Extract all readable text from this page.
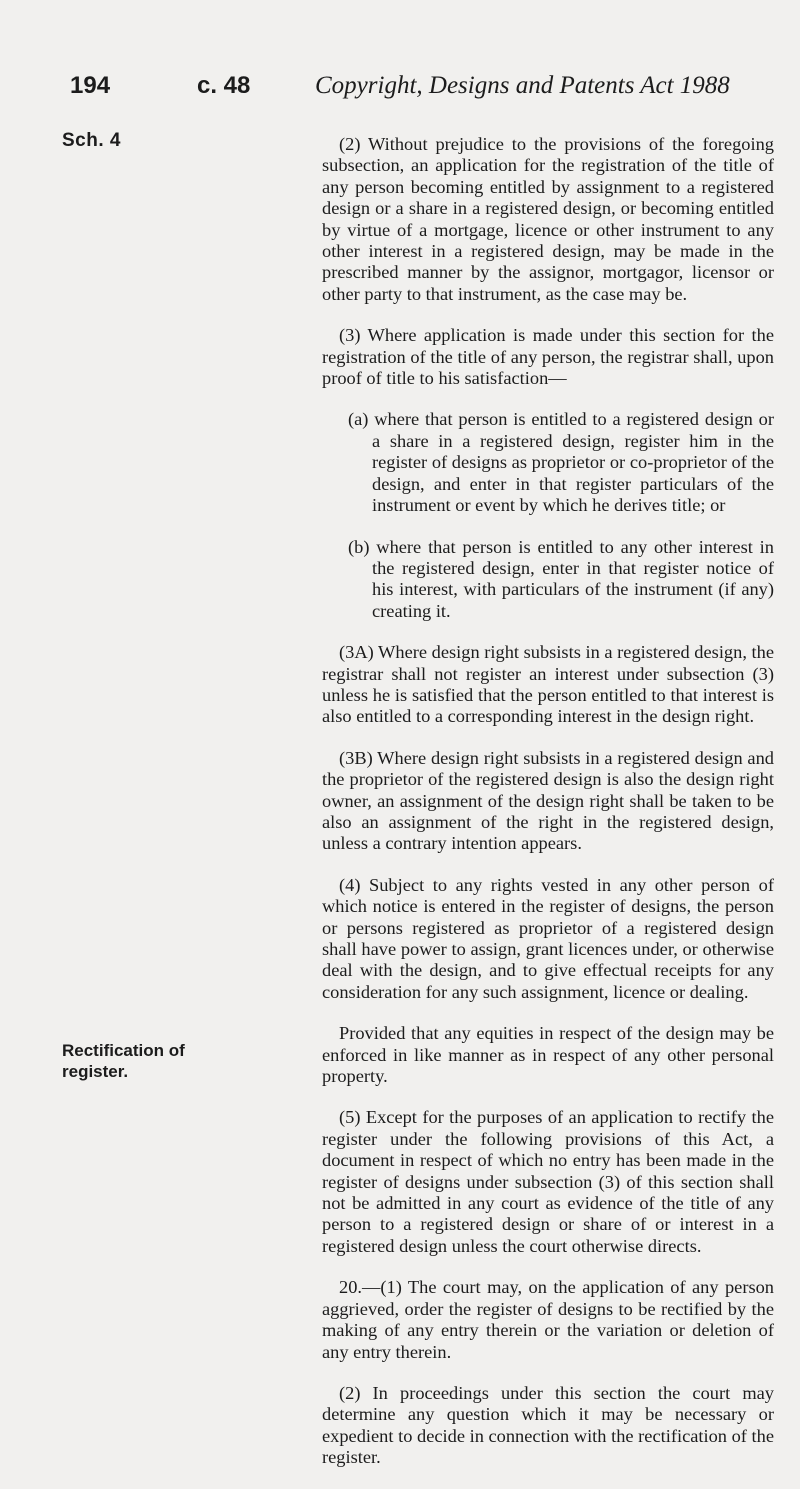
194	c. 48	Copyright, Designs and Patents Act 1988
Sch. 4
Rectification of register.

(2) Without prejudice to the provisions of the foregoing subsection, an application for the registration of the title of any person becoming entitled by assignment to a registered design or a share in a registered design, or becoming entitled by virtue of a mortgage, licence or other instrument to any other interest in a registered design, may be made in the prescribed manner by the assignor, mortgagor, licensor or other party to that instrument, as the case may be.

(3) Where application is made under this section for the registration of the title of any person, the registrar shall, upon proof of title to his satisfaction—

(a) where that person is entitled to a registered design or a share in a registered design, register him in the register of designs as proprietor or co-proprietor of the design, and enter in that register particulars of the instrument or event by which he derives title; or

(b) where that person is entitled to any other interest in the registered design, enter in that register notice of his interest, with particulars of the instrument (if any) creating it.

(3A) Where design right subsists in a registered design, the registrar shall not register an interest under subsection (3) unless he is satisfied that the person entitled to that interest is also entitled to a corresponding interest in the design right.

(3B) Where design right subsists in a registered design and the proprietor of the registered design is also the design right owner, an assignment of the design right shall be taken to be also an assignment of the right in the registered design, unless a contrary intention appears.

(4) Subject to any rights vested in any other person of which notice is entered in the register of designs, the person or persons registered as proprietor of a registered design shall have power to assign, grant licences under, or otherwise deal with the design, and to give effectual receipts for any consideration for any such assignment, licence or dealing.

Provided that any equities in respect of the design may be enforced in like manner as in respect of any other personal property.

(5) Except for the purposes of an application to rectify the register under the following provisions of this Act, a document in respect of which no entry has been made in the register of designs under subsection (3) of this section shall not be admitted in any court as evidence of the title of any person to a registered design or share of or interest in a registered design unless the court otherwise directs.

20.—(1) The court may, on the application of any person aggrieved, order the register of designs to be rectified by the making of any entry therein or the variation or deletion of any entry therein.

(2) In proceedings under this section the court may determine any question which it may be necessary or expedient to decide in connection with the rectification of the register.
